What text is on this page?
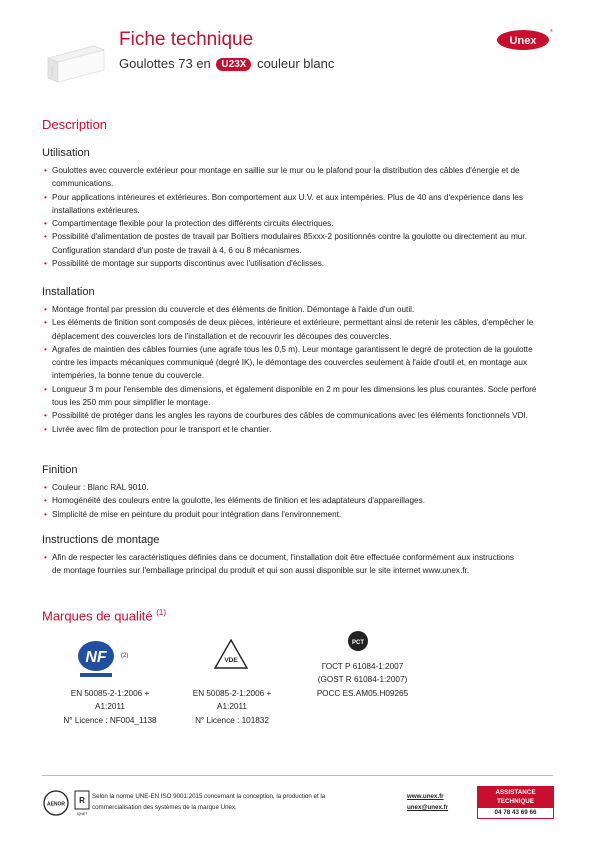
Fiche technique
Goulottes 73 en U23X couleur blanc
Unex
®
Description
Utilisation
• Goulottes avec couvercle extérieur pour montage en saillie sur le mur ou le plafond pour la distribution des câbles d'énergie et de communications.
• Pour applications intérieures et extérieures. Bon comportement aux U.V. et aux intempéries. Plus de 40 ans d'expérience dans les installations extérieures.
• Compartimentage flexible pour la protection des différents circuits électriques.
• Possibilité d'alimentation de postes de travail par Boîtiers modulaires 85xxx-2 positionnés contre la goulotte ou directement au mur. Configuration standard d'un poste de travail à 4, 6 ou 8 mécanismes.
• Possibilité de montage sur supports discontinus avec l'utilisation d'éclisses.
Installation
• Montage frontal par pression du couvercle et des éléments de finition. Démontage à l'aide d'un outil.
• Les éléments de finition sont composés de deux pièces, intérieure et extérieure, permettant ainsi de retenir les câbles, d'empêcher le déplacement des couvercles lors de l'installation et de recouvrir les découpes des couvercles.
• Agrafes de maintien des câbles fournies (une agrafe tous les 0,5 m). Leur montage garantissent le degré de protection de la goulotte contre les impacts mécaniques communiqué (degré IK), le démontage des couvercles seulement à l'aide d'outil et, en montage aux intempéries, la bonne tenue du couvercle.
• Longueur 3 m pour l'ensemble des dimensions, et également disponible en 2 m pour les dimensions les plus courantes. Socle perforé tous les 250 mm pour simplifier le montage.
• Possibilité de protéger dans les angles les rayons de courbures des câbles de communications avec les éléments fonctionnels VDI.
• Livrée avec film de protection pour le transport et le chantier.
Finition
• Couleur : Blanc RAL 9010.
• Homogénéité des couleurs entre la goulotte, les éléments de finition et les adaptateurs d'appareillages.
• Simplicité de mise en peinture du produit pour intégration dans l'environnement.
Instructions de montage
• Afin de respecter les caractéristiques définies dans ce document, l'installation doit être effectuée conformément aux instructions de montage fournies sur l'emballage principal du produit et qui son aussi disponible sur le site internet www.unex.fr.
Marques de qualité $^{(1)}$
NF (2)
EN 50085-2-1:2006 +
A1:2011
N° Licence : NF004_1138
VDE
EN 50085-2-1:2006 +
A1:2011
N° Licence : 101832
PCT
ГОСТ Р 61084-1:2007
(GOST R 61084-1:2007)
РОСС ES.AM05.H09265
AENOR R
IQNET
Selon la norme UNE-EN ISO 9001:2015 concernant la conception, la production et la
commercialisation des systèmes de la marque Unex.
www.unex.fr
unex@unex.fr
ASSISTANCE
TECHNIQUE
04 78 43 69 66
